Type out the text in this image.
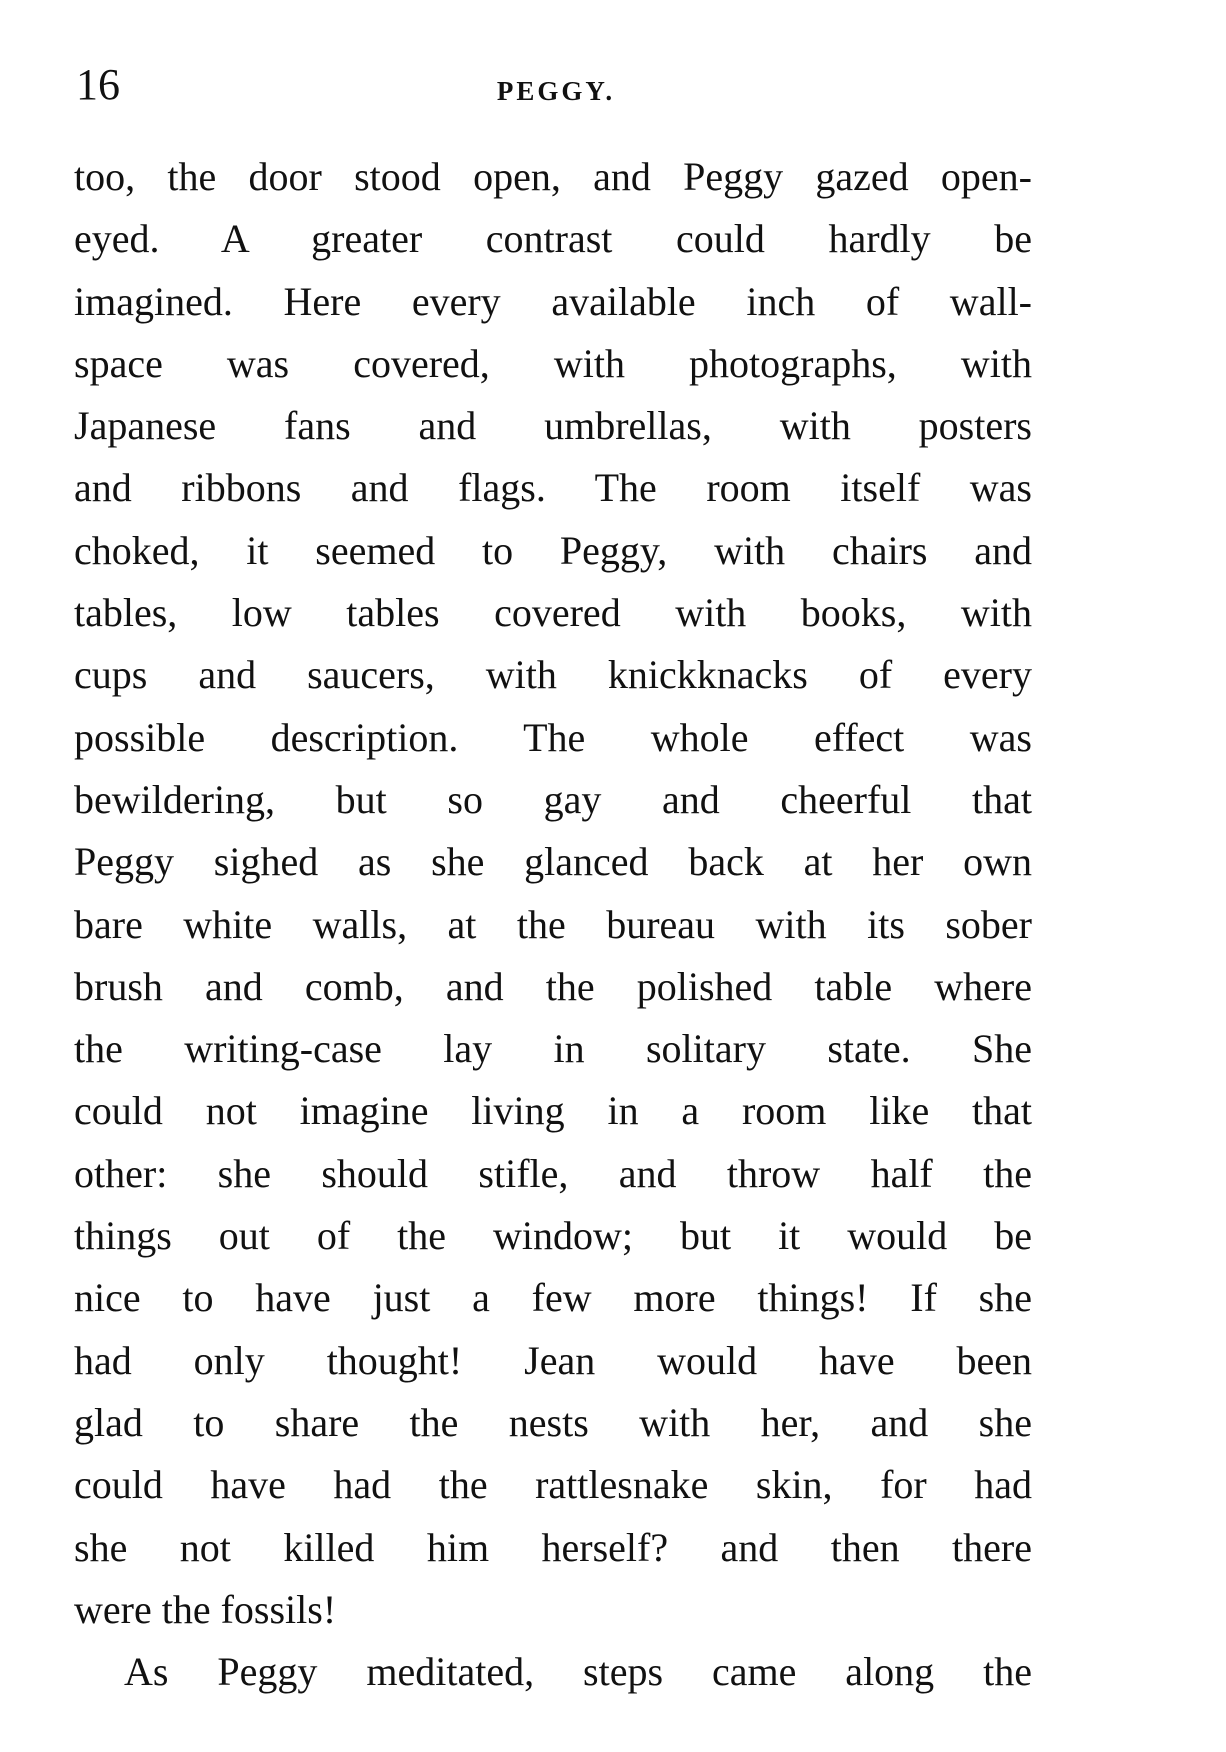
16	PEGGY.
too, the door stood open, and Peggy gazed open-
eyed. A greater contrast could hardly be
imagined. Here every available inch of wall-
space was covered, with photographs, with
Japanese fans and umbrellas, with posters
and ribbons and flags. The room itself was
choked, it seemed to Peggy, with chairs and
tables, low tables covered with books, with
cups and saucers, with knickknacks of every
possible description. The whole effect was
bewildering, but so gay and cheerful that
Peggy sighed as she glanced back at her own
bare white walls, at the bureau with its sober
brush and comb, and the polished table where
the writing-case lay in solitary state. She
could not imagine living in a room like that
other: she should stifle, and throw half the
things out of the window; but it would be
nice to have just a few more things! If she
had only thought! Jean would have been
glad to share the nests with her, and she
could have had the rattlesnake skin, for had
she not killed him herself? and then there
were the fossils!
As Peggy meditated, steps came along the
